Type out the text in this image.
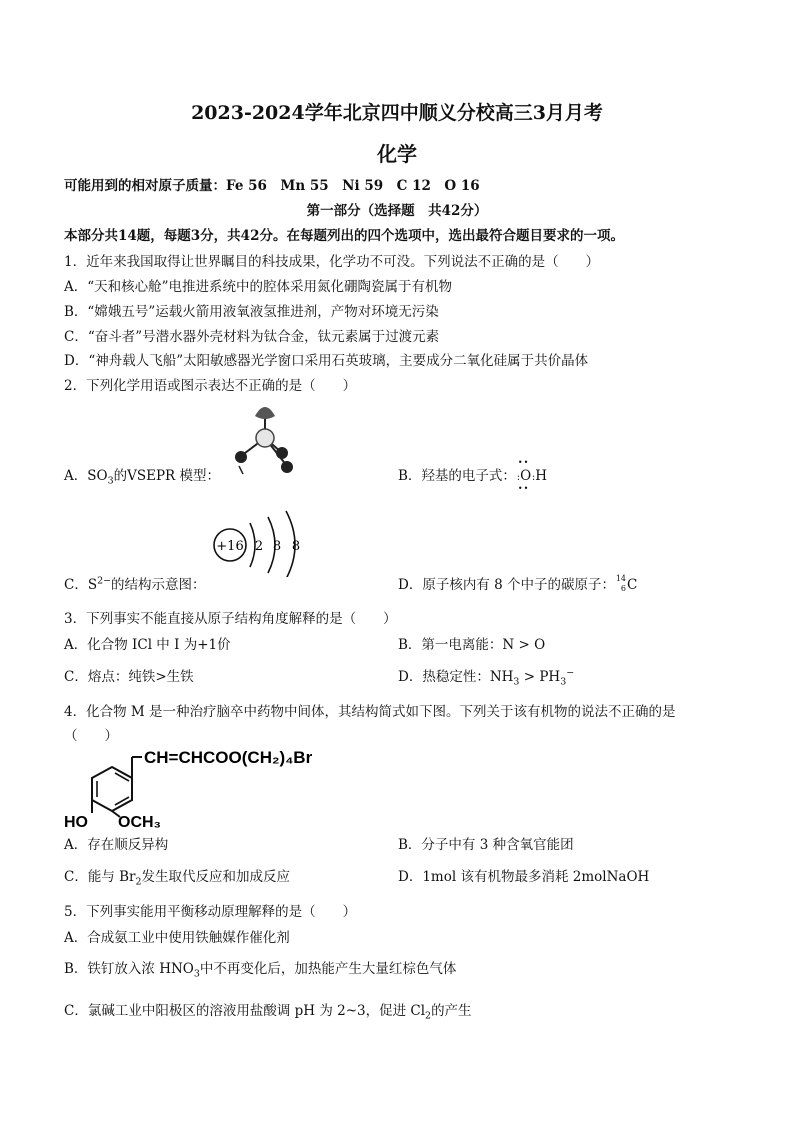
2023-2024学年北京四中顺义分校高三3月月考
化学
可能用到的相对原子质量：Fe 56　Mn 55　Ni 59　C 12　O 16
第一部分（选择题　共42分）
本部分共14题，每题3分，共42分。在每题列出的四个选项中，选出最符合题目要求的一项。
1．近年来我国取得让世界瞩目的科技成果，化学功不可没。下列说法不正确的是（　　）
A．“天和核心舱”电推进系统中的腔体采用氮化硼陶瓷属于有机物
B．“嫦娥五号”运载火箭用液氧液氢推进剂，产物对环境无污染
C．“奋斗者”号潜水器外壳材料为钛合金，钛元素属于过渡元素
D．“神舟载人飞船”太阳敏感器光学窗口采用石英玻璃，主要成分二氧化硅属于共价晶体
2．下列化学用语或图示表达不正确的是（　　）
A．$SO_3$的VSEPR 模型：	B．羟基的电子式：
••
:O
••
:H
+16 2 8 8
C．$S^{2-}$的结构示意图：	D．原子核内有 8 个中子的碳原子： 14
6 C
3．下列事实不能直接从原子结构角度解释的是（　　）
A．化合物 ICl 中 I 为+1价	B．第一电离能：N > O
C．熔点：纯铁>生铁	D．热稳定性：$NH_3 > PH_3^-$
4．化合物 M 是一种治疗脑卒中药物中间体，其结构简式如下图。下列关于该有机物的说法不正确的是
（　　）
CH=CHCOO(CH₂)₄Br
HO OCH₃
A．存在顺反异构	B．分子中有 3 种含氧官能团
C．能与 $Br_2$发生取代反应和加成反应	D．1mol 该有机物最多消耗 2molNaOH
5．下列事实能用平衡移动原理解释的是（　　）
A．合成氨工业中使用铁触媒作催化剂
B．铁钉放入浓 $HNO_3$中不再变化后，加热能产生大量红棕色气体
C．氯碱工业中阳极区的溶液用盐酸调 pH 为 2~3，促进 $Cl_2$的产生
